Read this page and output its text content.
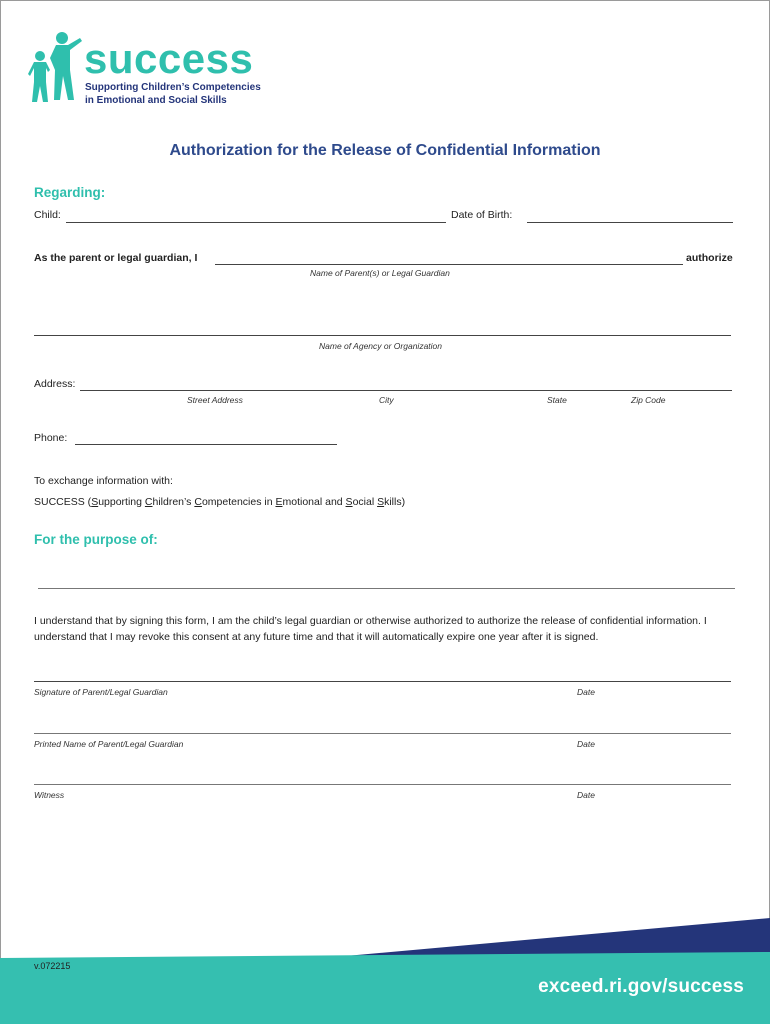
success
Supporting Children’s Competencies
in Emotional and Social Skills
Authorization for the Release of Confidential Information
Regarding:
Child:	Date of Birth:
As the parent or legal guardian, I	authorize
Name of Parent(s) or Legal Guardian
Name of Agency or Organization
Address:
Street Address	City	State	Zip Code
Phone:
To exchange information with:
SUCCESS (Supporting Children’s Competencies in Emotional and Social Skills)
For the purpose of:
I understand that by signing this form, I am the child’s legal guardian or otherwise authorized to authorize the release of confidential information. I understand that I may revoke this consent at any future time and that it will automatically expire one year after it is signed.
Signature of Parent/Legal Guardian	Date
Printed Name of Parent/Legal Guardian	Date
Witness	Date
v.072215
exceed.ri.gov/success
